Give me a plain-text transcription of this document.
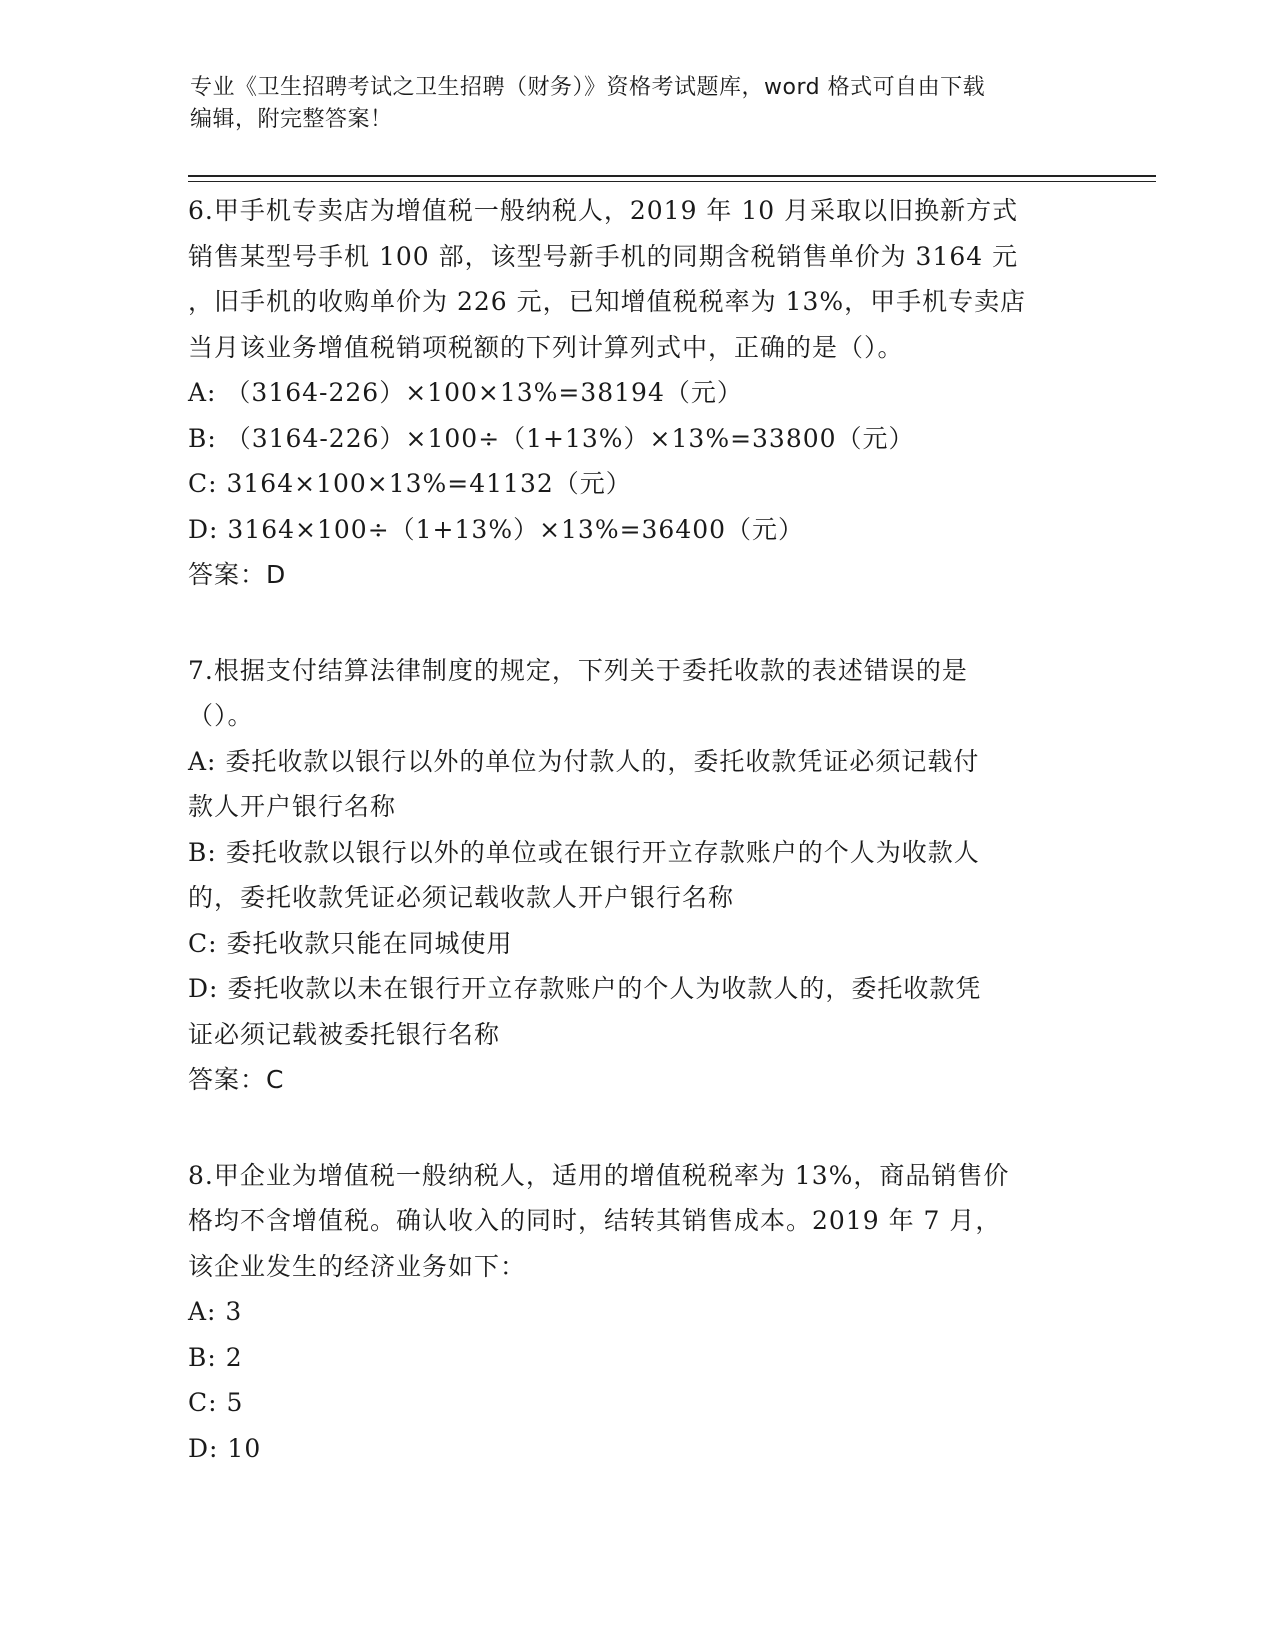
专业《卫生招聘考试之卫生招聘（财务）》资格考试题库，word 格式可自由下载
编辑，附完整答案！
6.甲手机专卖店为增值税一般纳税人，2019 年 10 月采取以旧换新方式
销售某型号手机 100 部，该型号新手机的同期含税销售单价为 3164 元
，旧手机的收购单价为 226 元，已知增值税税率为 13%，甲手机专卖店
当月该业务增值税销项税额的下列计算列式中，正确的是（）。
A: （3164-226）×100×13%=38194（元）
B: （3164-226）×100÷（1+13%）×13%=33800（元）
C: 3164×100×13%=41132（元）
D: 3164×100÷（1+13%）×13%=36400（元）
答案：D
7.根据支付结算法律制度的规定，下列关于委托收款的表述错误的是
（）。
A: 委托收款以银行以外的单位为付款人的，委托收款凭证必须记载付
款人开户银行名称
B: 委托收款以银行以外的单位或在银行开立存款账户的个人为收款人
的，委托收款凭证必须记载收款人开户银行名称
C: 委托收款只能在同城使用
D: 委托收款以未在银行开立存款账户的个人为收款人的，委托收款凭
证必须记载被委托银行名称
答案：C
8.甲企业为增值税一般纳税人，适用的增值税税率为 13%，商品销售价
格均不含增值税。确认收入的同时，结转其销售成本。2019 年 7 月，
该企业发生的经济业务如下：
A: 3
B: 2
C: 5
D: 10
